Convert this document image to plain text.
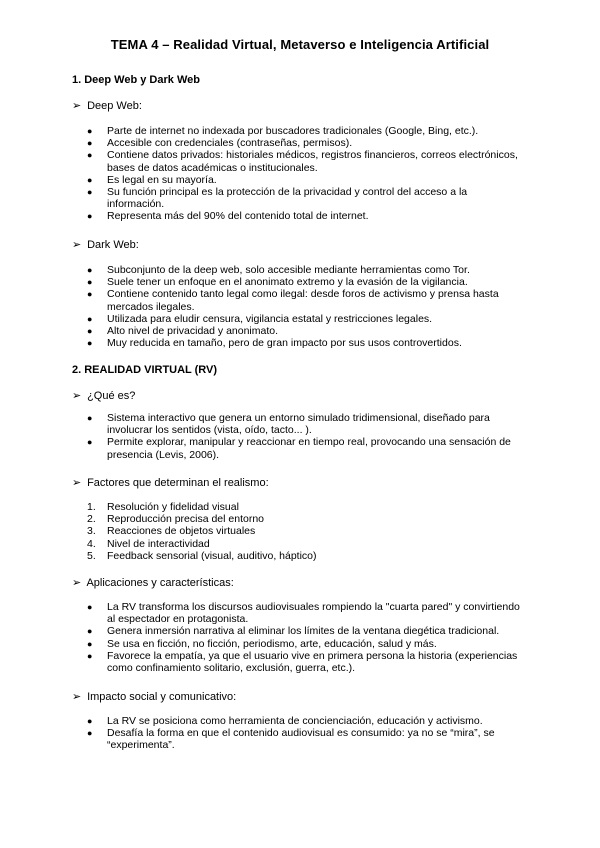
TEMA 4 – Realidad Virtual, Metaverso e Inteligencia Artificial
1. Deep Web y Dark Web
➢ Deep Web:
●	Parte de internet no indexada por buscadores tradicionales (Google, Bing, etc.).
●	Accesible con credenciales (contraseñas, permisos).
●	Contiene datos privados: historiales médicos, registros financieros, correos electrónicos, bases de datos académicas o institucionales.
●	Es legal en su mayoría.
●	Su función principal es la protección de la privacidad y control del acceso a la información.
●	Representa más del 90% del contenido total de internet.
➢ Dark Web:
●	Subconjunto de la deep web, solo accesible mediante herramientas como Tor.
●	Suele tener un enfoque en el anonimato extremo y la evasión de la vigilancia.
●	Contiene contenido tanto legal como ilegal: desde foros de activismo y prensa hasta mercados ilegales.
●	Utilizada para eludir censura, vigilancia estatal y restricciones legales.
●	Alto nivel de privacidad y anonimato.
●	Muy reducida en tamaño, pero de gran impacto por sus usos controvertidos.
2. REALIDAD VIRTUAL (RV)
➢ ¿Qué es?
●	Sistema interactivo que genera un entorno simulado tridimensional, diseñado para involucrar los sentidos (vista, oído, tacto... ).
●	Permite explorar, manipular y reaccionar en tiempo real, provocando una sensación de presencia (Levis, 2006).
➢ Factores que determinan el realismo:
1.	Resolución y fidelidad visual
2.	Reproducción precisa del entorno
3.	Reacciones de objetos virtuales
4.	Nivel de interactividad
5.	Feedback sensorial (visual, auditivo, háptico)
➢ Aplicaciones y características:
●	La RV transforma los discursos audiovisuales rompiendo la "cuarta pared" y convirtiendo al espectador en protagonista.
●	Genera inmersión narrativa al eliminar los límites de la ventana diegética tradicional.
●	Se usa en ficción, no ficción, periodismo, arte, educación, salud y más.
●	Favorece la empatía, ya que el usuario vive en primera persona la historia (experiencias como confinamiento solitario, exclusión, guerra, etc.).
➢ Impacto social y comunicativo:
●	La RV se posiciona como herramienta de concienciación, educación y activismo.
●	Desafía la forma en que el contenido audiovisual es consumido: ya no se “mira”, se “experimenta”.
